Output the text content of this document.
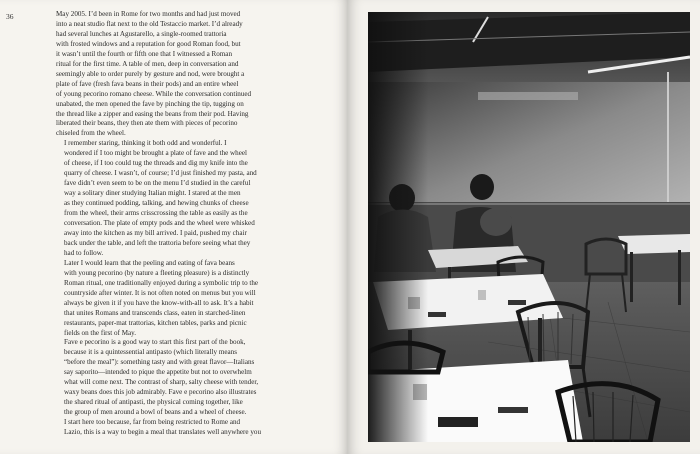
36	May 2005. I’d been in Rome for two months and had just moved
into a neat studio flat next to the old Testaccio market. I’d already
had several lunches at Agustarello, a single-roomed trattoria
with frosted windows and a reputation for good Roman food, but
it wasn’t until the fourth or fifth one that I witnessed a Roman
ritual for the first time. A table of men, deep in conversation and
seemingly able to order purely by gesture and nod, were brought a
plate of fave (fresh fava beans in their pods) and an entire wheel
of young pecorino romano cheese. While the conversation continued
unabated, the men opened the fave by pinching the tip, tugging on
the thread like a zipper and easing the beans from their pod. Having
liberated their beans, they then ate them with pieces of pecorino
chiseled from the wheel.

I remember staring, thinking it both odd and wonderful. I
wondered if I too might be brought a plate of fave and the wheel
of cheese, if I too could tug the threads and dig my knife into the
quarry of cheese. I wasn’t, of course; I’d just finished my pasta, and
fave didn’t even seem to be on the menu I’d studied in the careful
way a solitary diner studying Italian might. I stared at the men
as they continued podding, talking, and hewing chunks of cheese
from the wheel, their arms crisscrossing the table as easily as the
conversation. The plate of empty pods and the wheel were whisked
away into the kitchen as my bill arrived. I paid, pushed my chair
back under the table, and left the trattoria before seeing what they
had to follow.

Later I would learn that the peeling and eating of fava beans
with young pecorino (by nature a fleeting pleasure) is a distinctly
Roman ritual, one traditionally enjoyed during a symbolic trip to the
countryside after winter. It is not often noted on menus but you will
always be given it if you have the know-with-all to ask. It’s a habit
that unites Romans and transcends class, eaten in starched-linen
restaurants, paper-mat trattorias, kitchen tables, parks and picnic
fields on the first of May.

Fave e pecorino is a good way to start this first part of the book,
because it is a quintessential antipasto (which literally means
“before the meal”): something tasty and with great flavor—Italians
say saporito—intended to pique the appetite but not to overwhelm
what will come next. The contrast of sharp, salty cheese with tender,
waxy beans does this job admirably. Fave e pecorino also illustrates
the shared ritual of antipasti, the physical coming together, like
the group of men around a bowl of beans and a wheel of cheese.

I start here too because, far from being restricted to Rome and
Lazio, this is a way to begin a meal that translates well anywhere you
